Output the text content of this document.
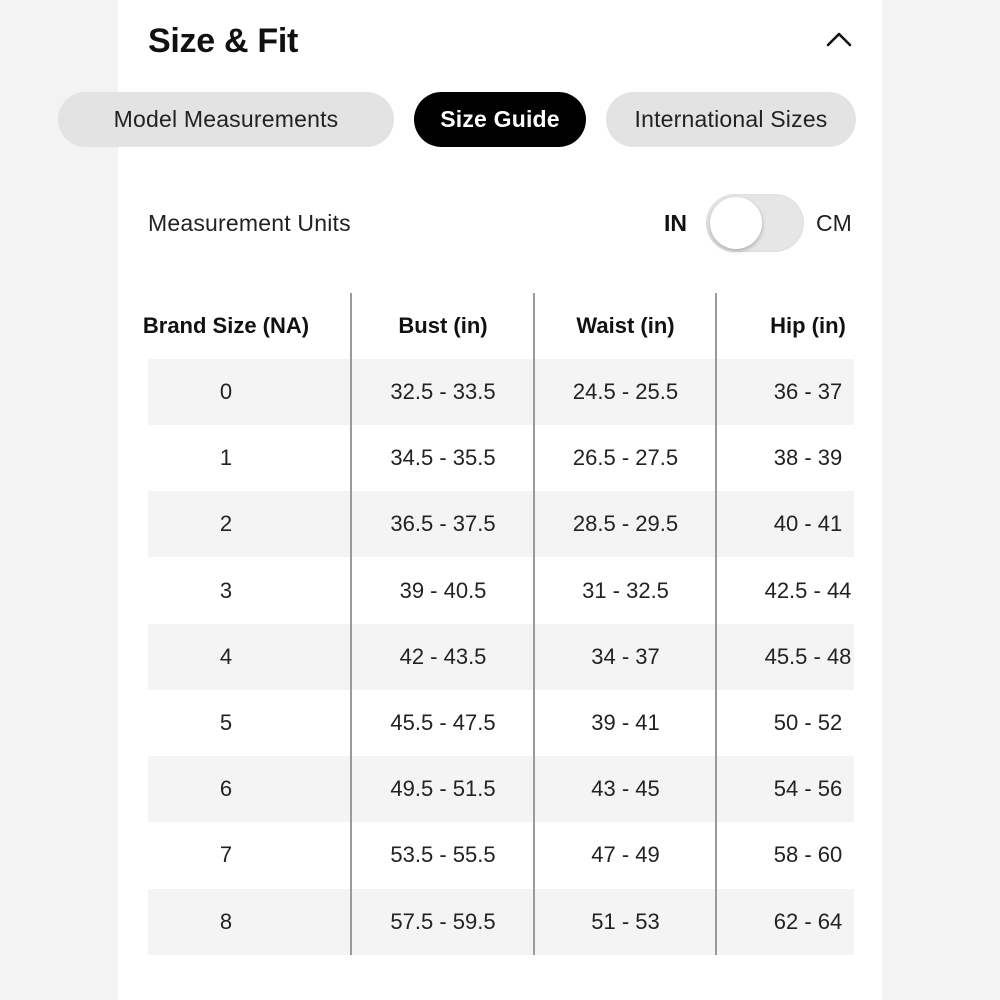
Size & Fit
Model Measurements	Size Guide	International Sizes
Measurement Units	IN	CM
Brand Size (NA)	Bust (in)	Waist (in)	Hip (in)
0	32.5 - 33.5	24.5 - 25.5	36 - 37
1	34.5 - 35.5	26.5 - 27.5	38 - 39
2	36.5 - 37.5	28.5 - 29.5	40 - 41
3	39 - 40.5	31 - 32.5	42.5 - 44
4	42 - 43.5	34 - 37	45.5 - 48
5	45.5 - 47.5	39 - 41	50 - 52
6	49.5 - 51.5	43 - 45	54 - 56
7	53.5 - 55.5	47 - 49	58 - 60
8	57.5 - 59.5	51 - 53	62 - 64
